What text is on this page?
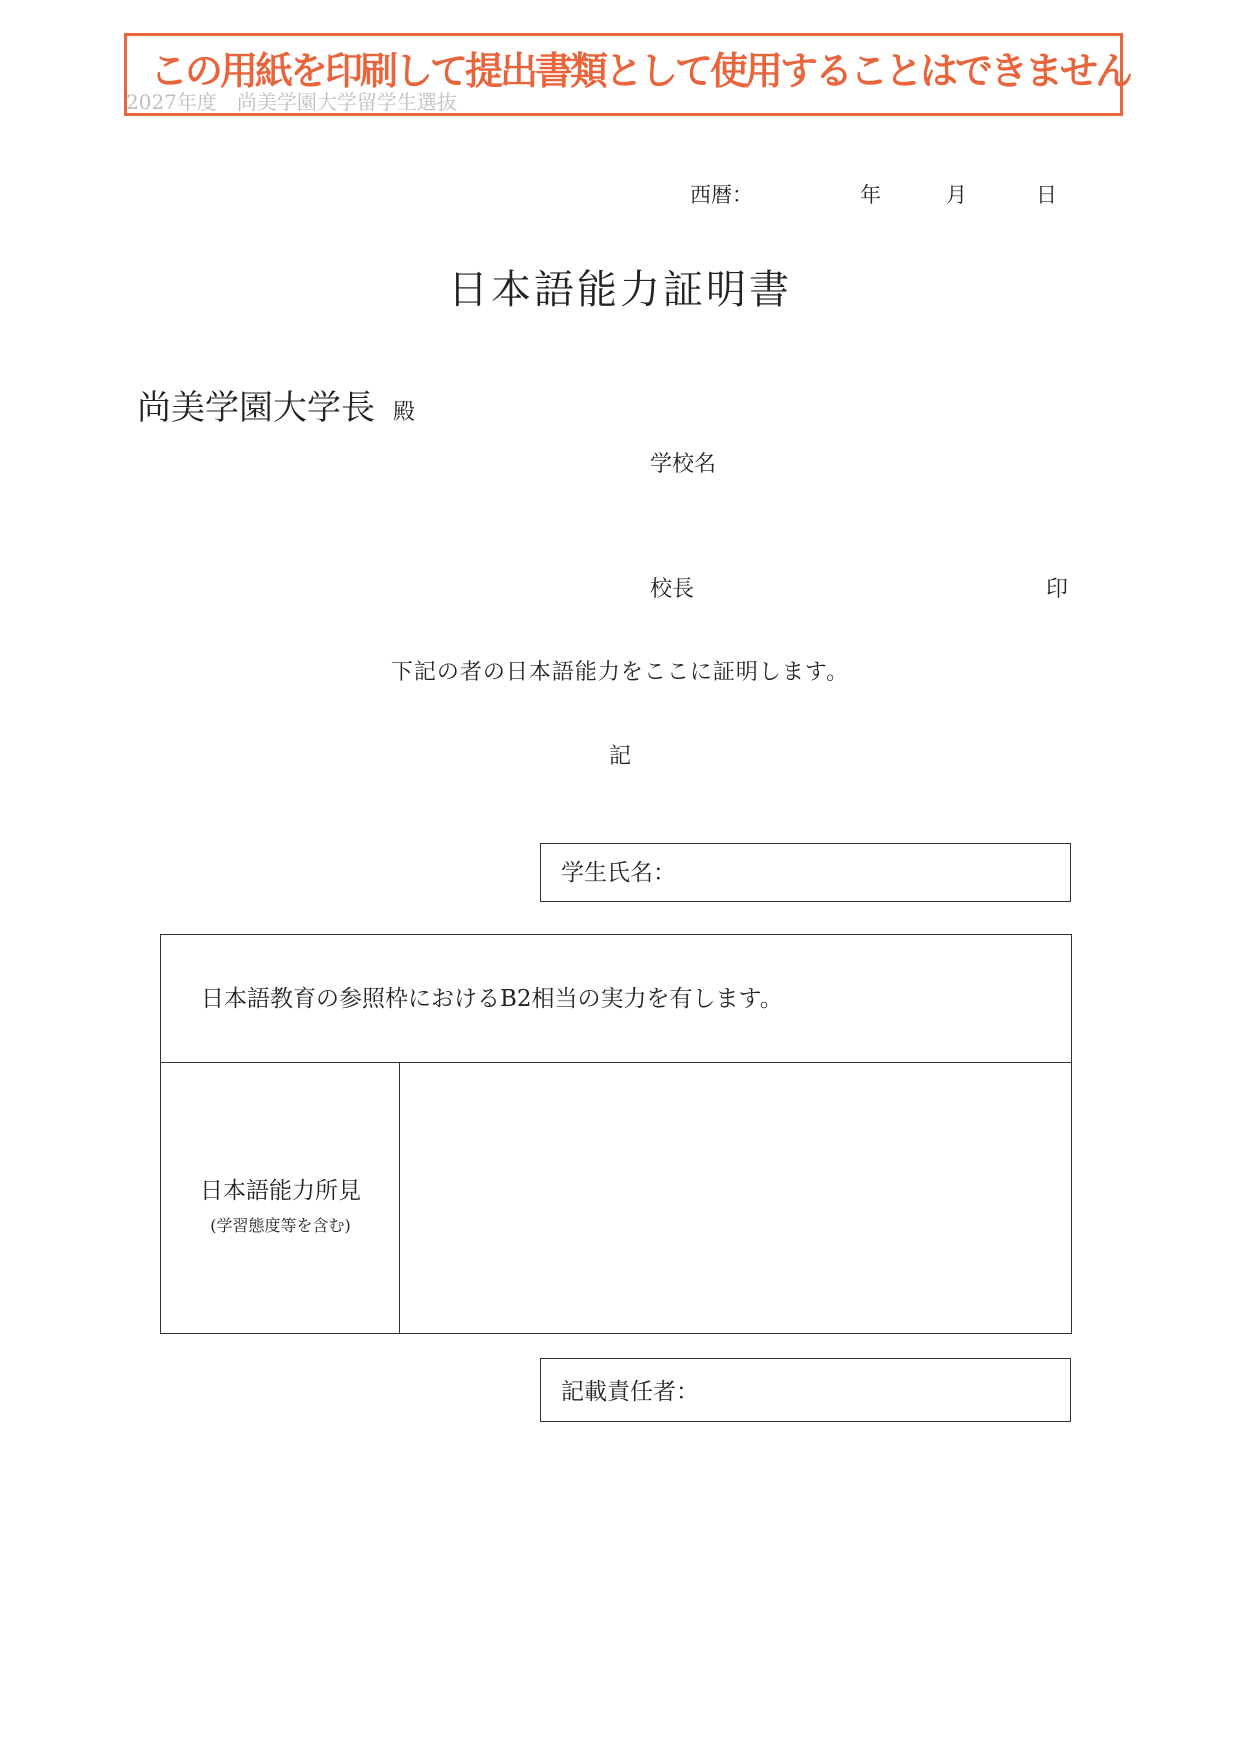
この用紙を印刷して提出書類として使用することはできません
2027年度　尚美学園大学留学生選抜
西暦：	年	月	日
日本語能力証明書
尚美学園大学長 殿
学校名
校長	印
下記の者の日本語能力をここに証明します。
記
学生氏名：
日本語教育の参照枠におけるB2相当の実力を有します。
日本語能力所見
(学習態度等を含む)
記載責任者：
